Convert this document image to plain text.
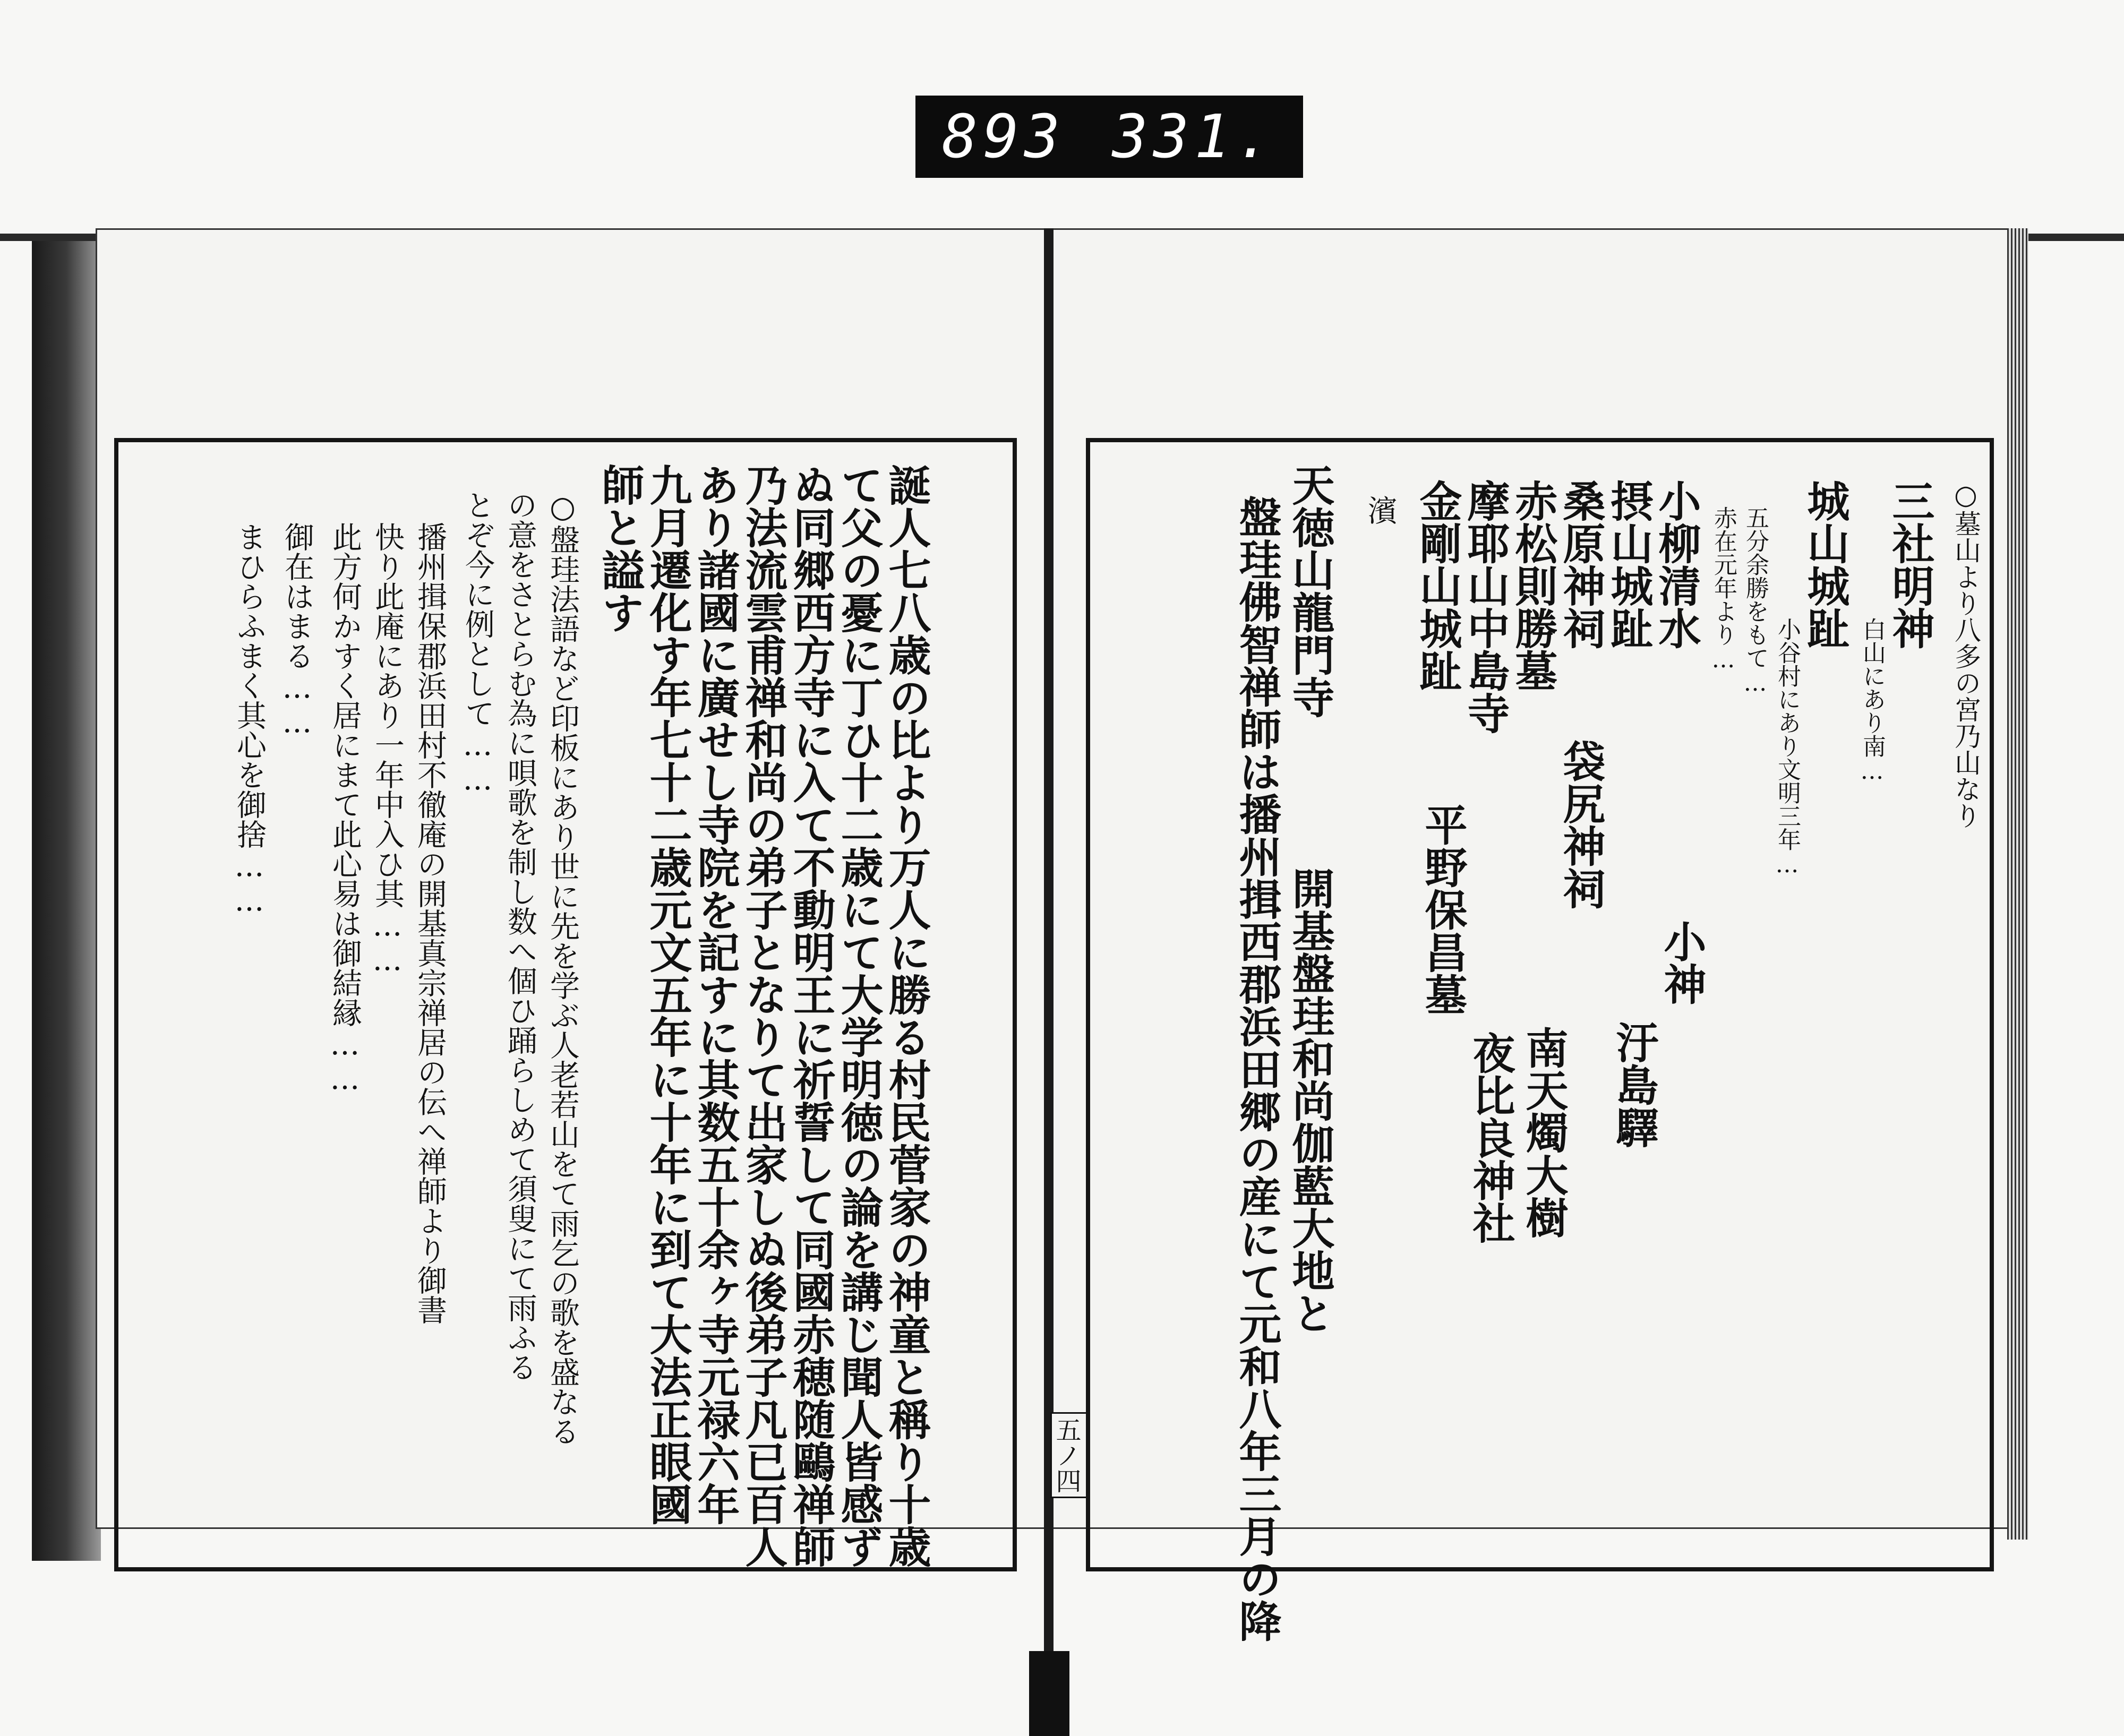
893 331.
誕人七八歳の比より万人に勝る村民菅家の神童と稱り十歳
て父の憂に丁ひ十二歳にて大学明徳の論を講じ聞人皆感ず
ぬ同郷西方寺に入て不動明王に祈誓して同國赤穂随鷗禅師
乃法流雲甫禅和尚の弟子となりて出家しぬ後弟子凡已百人
あり諸國に廣せし寺院を記すに其数五十余ヶ寺元禄六年
九月遷化す年七十二歳元文五年に十年に到て大法正眼國
師と謚す
○盤珪法語など印板にあり世に先を学ぶ人老若山をて雨乞の歌を盛なる
の意をさとらむ為に唄歌を制し数へ個ひ踊らしめて須叟にて雨ふる
とぞ今に例として……
播州揖保郡浜田村不徹庵の開基真宗禅居の伝へ禅師より御書
快り此庵にあり一年中入ひ其……
此方何かすく居にまて此心易は御結縁……
御在はまる……
まひらふまく其心を御捨……
五ノ四
○墓山より八多の宮乃山なり
三社明神
白山にあり南…
城山城趾
小谷村にあり文明三年…
五分余勝をもて…
赤在元年より…
小柳清水
摂山城趾
桑原神祠
赤松則勝墓
摩耶山中島寺
金剛山城趾
濱
天徳山龍門寺
盤珪佛智禅師は播州揖西郡浜田郷の産にて元和八年三月の降	小神
汙島驛
袋尻神祠
南天燭大樹
夜比良神社
平野保昌墓
開基盤珪和尚伽藍大地と
